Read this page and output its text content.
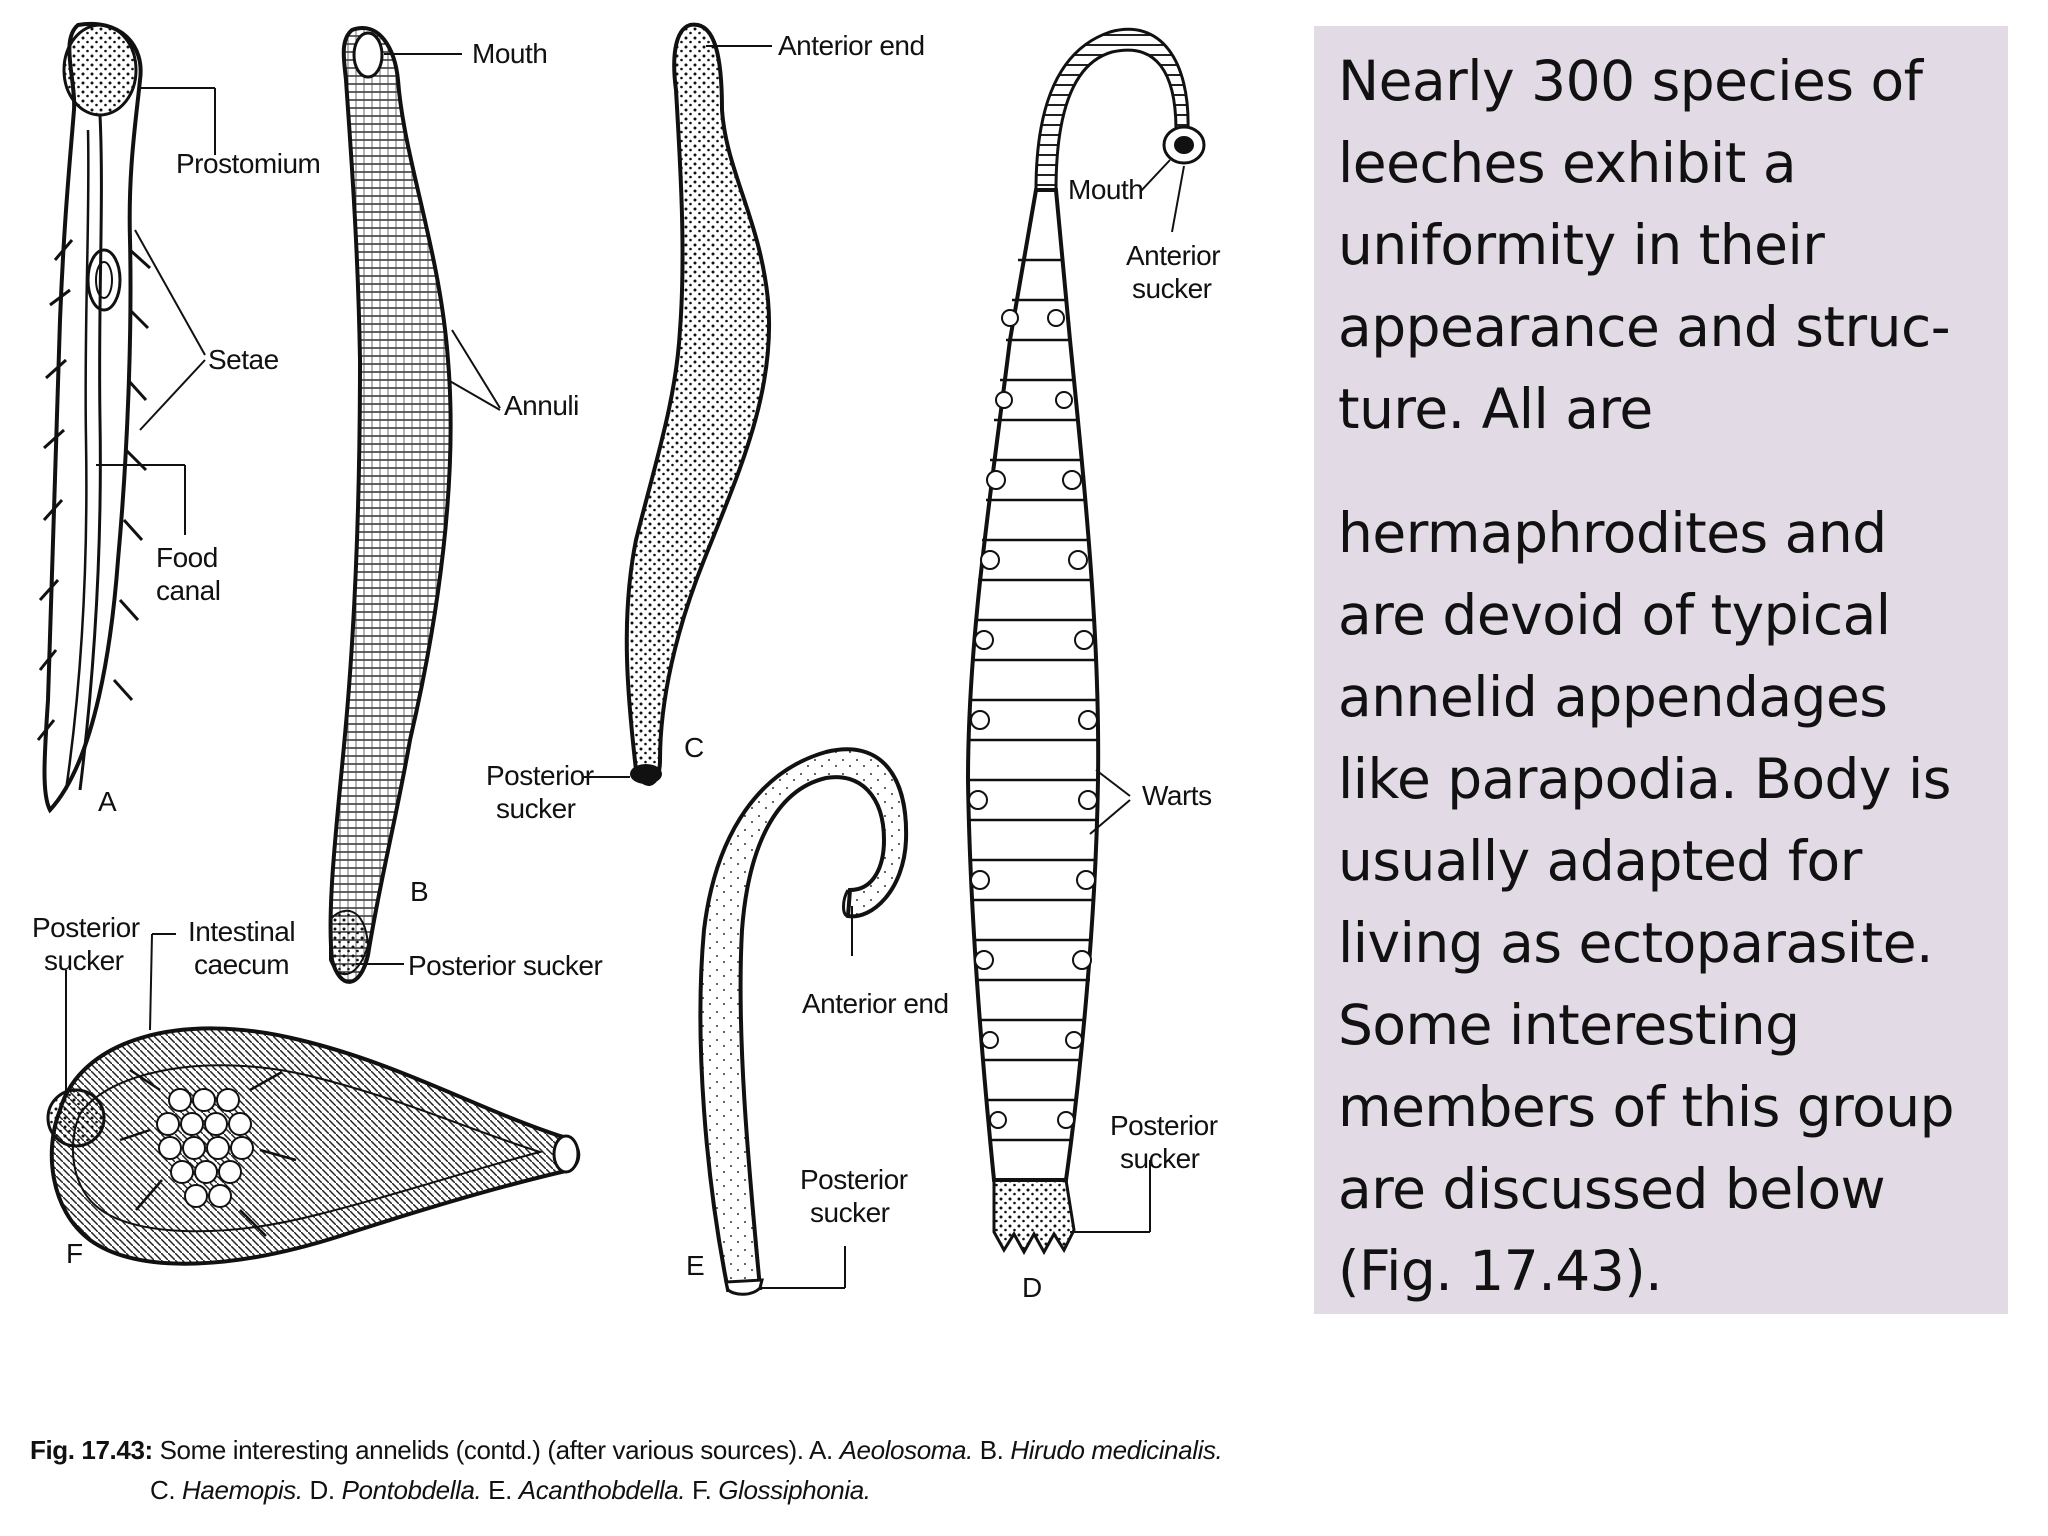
Prostomium
Setae
Food
canal
A
Mouth
Annuli
Posterior sucker
B
Anterior end
Posterior
sucker
C
Mouth
Anterior
sucker
Warts
Posterior
sucker
D
Anterior end
Posterior
sucker
E
Posterior
sucker
Intestinal
caecum
F
Fig. 17.43: Some interesting annelids (contd.) (after various sources). A. Aeolosoma. B. Hirudo medicinalis.
C. Haemopis. D. Pontobdella. E. Acanthobdella. F. Glossiphonia.
Nearly 300 species of
leeches exhibit a
uniformity in their
appearance and struc-
ture. All are
hermaphrodites and
are devoid of typical
annelid appendages
like parapodia. Body is
usually adapted for
living as ectoparasite.
Some interesting
members of this group
are discussed below
(Fig. 17.43).
